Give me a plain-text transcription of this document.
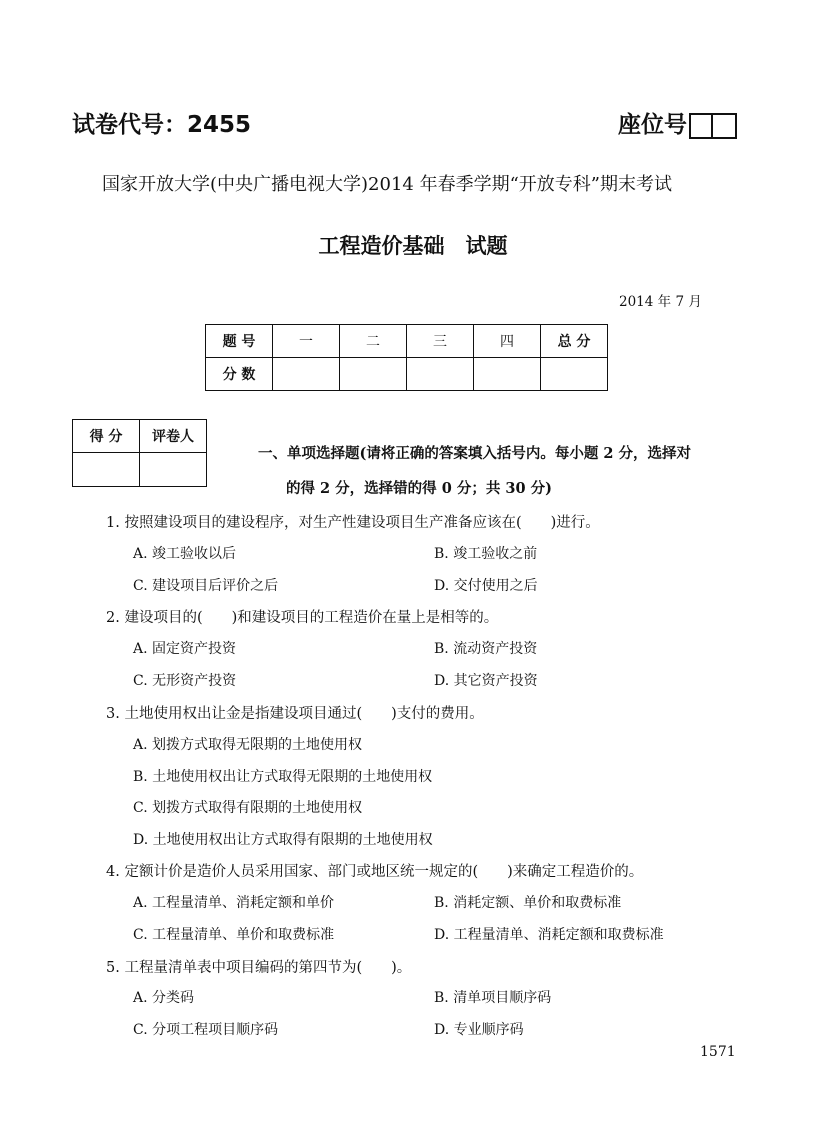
试卷代号：2455	座位号
国家开放大学(中央广播电视大学)2014 年春季学期“开放专科”期末考试
工程造价基础　试题
2014 年 7 月
题 号	一	二	三	四	总 分
分 数					
得 分	评卷人

一、单项选择题(请将正确的答案填入括号内。每小题 2 分，选择对
的得 2 分，选择错的得 0 分；共 30 分)
1. 按照建设项目的建设程序，对生产性建设项目生产准备应该在(　　)进行。
A. 竣工验收以后	B. 竣工验收之前
C. 建设项目后评价之后	D. 交付使用之后
2. 建设项目的(　　)和建设项目的工程造价在量上是相等的。
A. 固定资产投资	B. 流动资产投资
C. 无形资产投资	D. 其它资产投资
3. 土地使用权出让金是指建设项目通过(　　)支付的费用。
A. 划拨方式取得无限期的土地使用权
B. 土地使用权出让方式取得无限期的土地使用权
C. 划拨方式取得有限期的土地使用权
D. 土地使用权出让方式取得有限期的土地使用权
4. 定额计价是造价人员采用国家、部门或地区统一规定的(　　)来确定工程造价的。
A. 工程量清单、消耗定额和单价	B. 消耗定额、单价和取费标准
C. 工程量清单、单价和取费标准	D. 工程量清单、消耗定额和取费标准
5. 工程量清单表中项目编码的第四节为(　　)。
A. 分类码	B. 清单项目顺序码
C. 分项工程项目顺序码	D. 专业顺序码
1571
